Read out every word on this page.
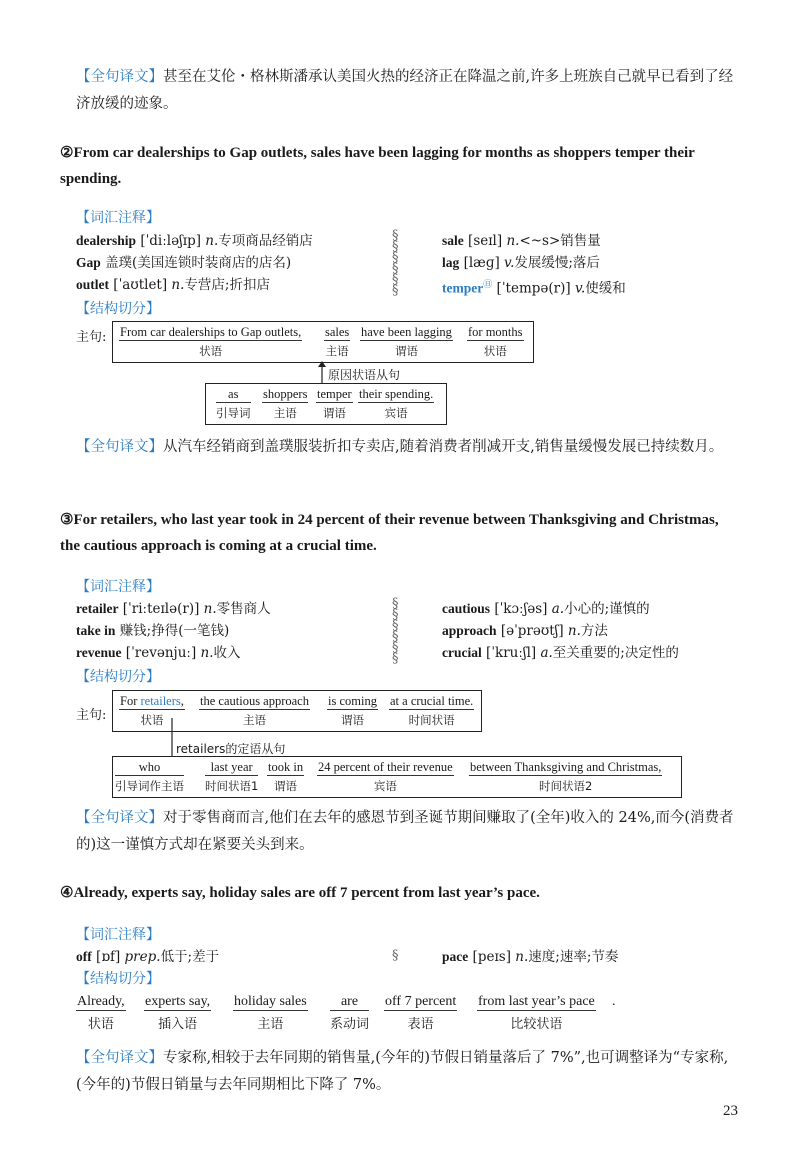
【全句译文】甚至在艾伦・格林斯潘承认美国火热的经济正在降温之前,许多上班族自己就早已看到了经济放缓的迹象。
②From car dealerships to Gap outlets, sales have been lagging for months as shoppers temper their spending.
【词汇注释】
dealership [ˈdiːləʃɪp] n.专项商品经销店
Gap 盖璞(美国连锁时装商店的店名)
outlet [ˈaʊtlet] n.专营店;折扣店
§
§
§
§
§
§
sale [seɪl] n.<~s>销售量
lag [læɡ] v.发展缓慢;落后
temper㊐ [ˈtempə(r)] v.使缓和
【结构切分】
主句: From car dealerships to Gap outlets,
状语
sales
主语
have been lagging
谓语
for months
状语
原因状语从句
as
引导词
shoppers
主语
temper
谓语
their spending.
宾语
【全句译文】从汽车经销商到盖璞服装折扣专卖店,随着消费者削减开支,销售量缓慢发展已持续数月。
③For retailers, who last year took in 24 percent of their revenue between Thanksgiving and Christmas, the cautious approach is coming at a crucial time.
【词汇注释】
retailer [ˈriːteɪlə(r)] n.零售商人
take in 赚钱;挣得(一笔钱)
revenue [ˈrevənjuː] n.收入
§
§
§
§
§
§
cautious [ˈkɔːʃəs] a.小心的;谨慎的
approach [əˈprəʊtʃ] n.方法
crucial [ˈkruːʃl] a.至关重要的;决定性的
【结构切分】
主句:
For retailers,
状语
the cautious approach
主语
is coming
谓语
at a crucial time.
时间状语
retailers的定语从句
who
引导词作主语
last year
时间状语1
took in
谓语
24 percent of their revenue
宾语
between Thanksgiving and Christmas,
时间状语2
【全句译文】对于零售商而言,他们在去年的感恩节到圣诞节期间赚取了(全年)收入的 24%,而今(消费者的)这一谨慎方式却在紧要关头到来。
④Already, experts say, holiday sales are off 7 percent from last year’s pace.
【词汇注释】
off [ɒf] prep.低于;差于	§	pace [peɪs] n.速度;速率;节奏
【结构切分】
Already,
状语
experts say,
插入语
holiday sales
主语
are
系动词
off 7 percent
表语
from last year’s pace
比较状语
.
【全句译文】专家称,相较于去年同期的销售量,(今年的)节假日销量落后了 7%”,也可调整译为“专家称,(今年的)节假日销量与去年同期相比下降了 7%。
23
